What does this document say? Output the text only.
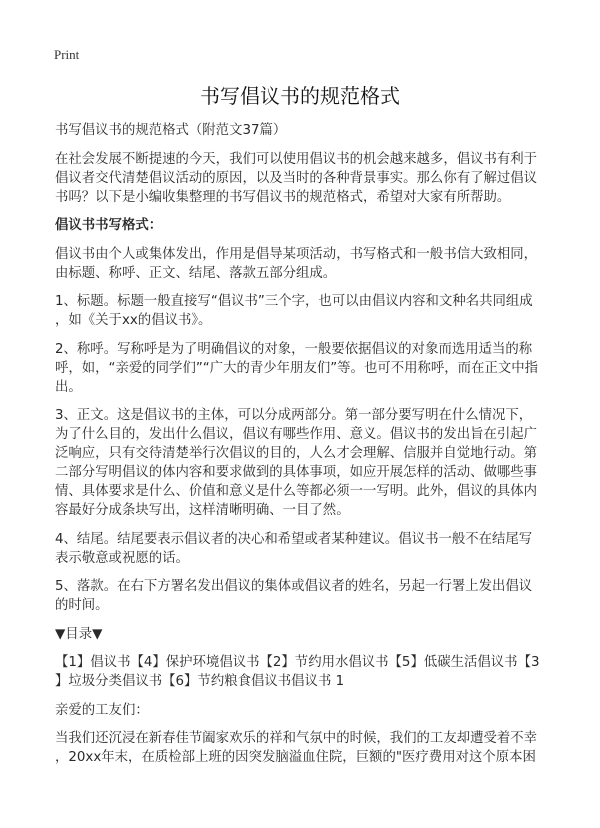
Print
书写倡议书的规范格式

书写倡议书的规范格式（附范文37篇）

在社会发展不断提速的今天，我们可以使用倡议书的机会越来越多，倡议书有利于
倡议者交代清楚倡议活动的原因，以及当时的各种背景事实。那么你有了解过倡议
书吗？以下是小编收集整理的书写倡议书的规范格式，希望对大家有所帮助。

倡议书书写格式：

倡议书由个人或集体发出，作用是倡导某项活动，书写格式和一般书信大致相同，
由标题、称呼、正文、结尾、落款五部分组成。

1、标题。标题一般直接写“倡议书”三个字，也可以由倡议内容和文种名共同组成
，如《关于xx的倡议书》。

2、称呼。写称呼是为了明确倡议的对象，一般要依据倡议的对象而选用适当的称
呼，如，“亲爱的同学们”“广大的青少年朋友们”等。也可不用称呼，而在正文中指
出。

3、正文。这是倡议书的主体，可以分成两部分。第一部分要写明在什么情况下，
为了什么目的，发出什么倡议，倡议有哪些作用、意义。倡议书的发出旨在引起广
泛响应，只有交待清楚举行次倡议的目的，人么才会理解、信服并自觉地行动。第
二部分写明倡议的体内容和要求做到的具体事项，如应开展怎样的活动、做哪些事
情、具体要求是什么、价值和意义是什么等都必须一一写明。此外，倡议的具体内
容最好分成条块写出，这样清晰明确、一目了然。

4、结尾。结尾要表示倡议者的决心和希望或者某种建议。倡议书一般不在结尾写
表示敬意或祝愿的话。

5、落款。在右下方署名发出倡议的集体或倡议者的姓名，另起一行署上发出倡议
的时间。

▼目录▼

【1】倡议书【4】保护环境倡议书【2】节约用水倡议书【5】低碳生活倡议书【3
】垃圾分类倡议书【6】节约粮食倡议书倡议书 1

亲爱的工友们：

当我们还沉浸在新春佳节阖家欢乐的祥和气氛中的时候，我们的工友却遭受着不幸
，20xx年末，在质检部上班的因突发脑溢血住院，巨额的"医疗费用对这个原本困
